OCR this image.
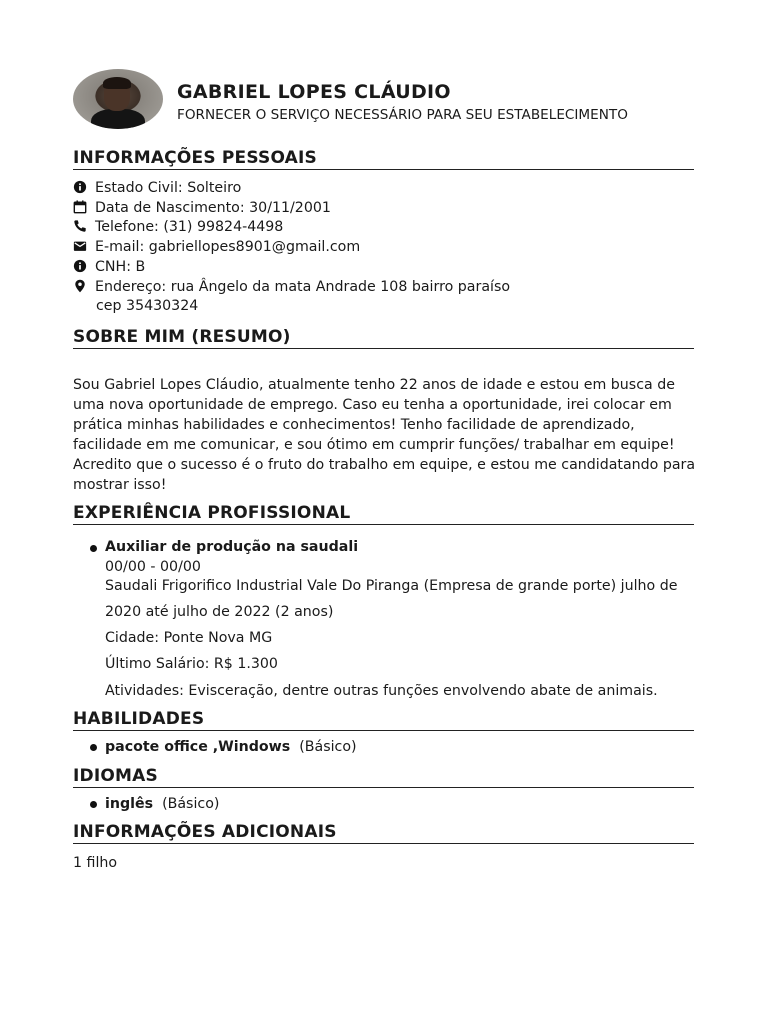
GABRIEL LOPES CLÁUDIO
FORNECER O SERVIÇO NECESSÁRIO PARA SEU ESTABELECIMENTO
INFORMAÇÕES PESSOAIS
Estado Civil: Solteiro
Data de Nascimento: 30/11/2001
Telefone: (31) 99824-4498
E-mail: gabriellopes8901@gmail.com
CNH: B
Endereço: rua Ângelo da mata Andrade 108 bairro paraíso
cep 35430324
SOBRE MIM (RESUMO)
Sou Gabriel Lopes Cláudio, atualmente tenho 22 anos de idade e estou em busca de uma nova oportunidade de emprego. Caso eu tenha a oportunidade, irei colocar em prática minhas habilidades e conhecimentos! Tenho facilidade de aprendizado, facilidade em me comunicar, e sou ótimo em cumprir funções/ trabalhar em equipe! Acredito que o sucesso é o fruto do trabalho em equipe, e estou me candidatando para mostrar isso!
EXPERIÊNCIA PROFISSIONAL
Auxiliar de produção na saudali
00/00 - 00/00
Saudali Frigorifico Industrial Vale Do Piranga (Empresa de grande porte) julho de
2020 até julho de 2022 (2 anos)
Cidade: Ponte Nova MG
Último Salário: R$ 1.300
Atividades: Evisceração, dentre outras funções envolvendo abate de animais.
HABILIDADES
pacote office ,Windows (Básico)
IDIOMAS
inglês (Básico)
INFORMAÇÕES ADICIONAIS
1 filho
